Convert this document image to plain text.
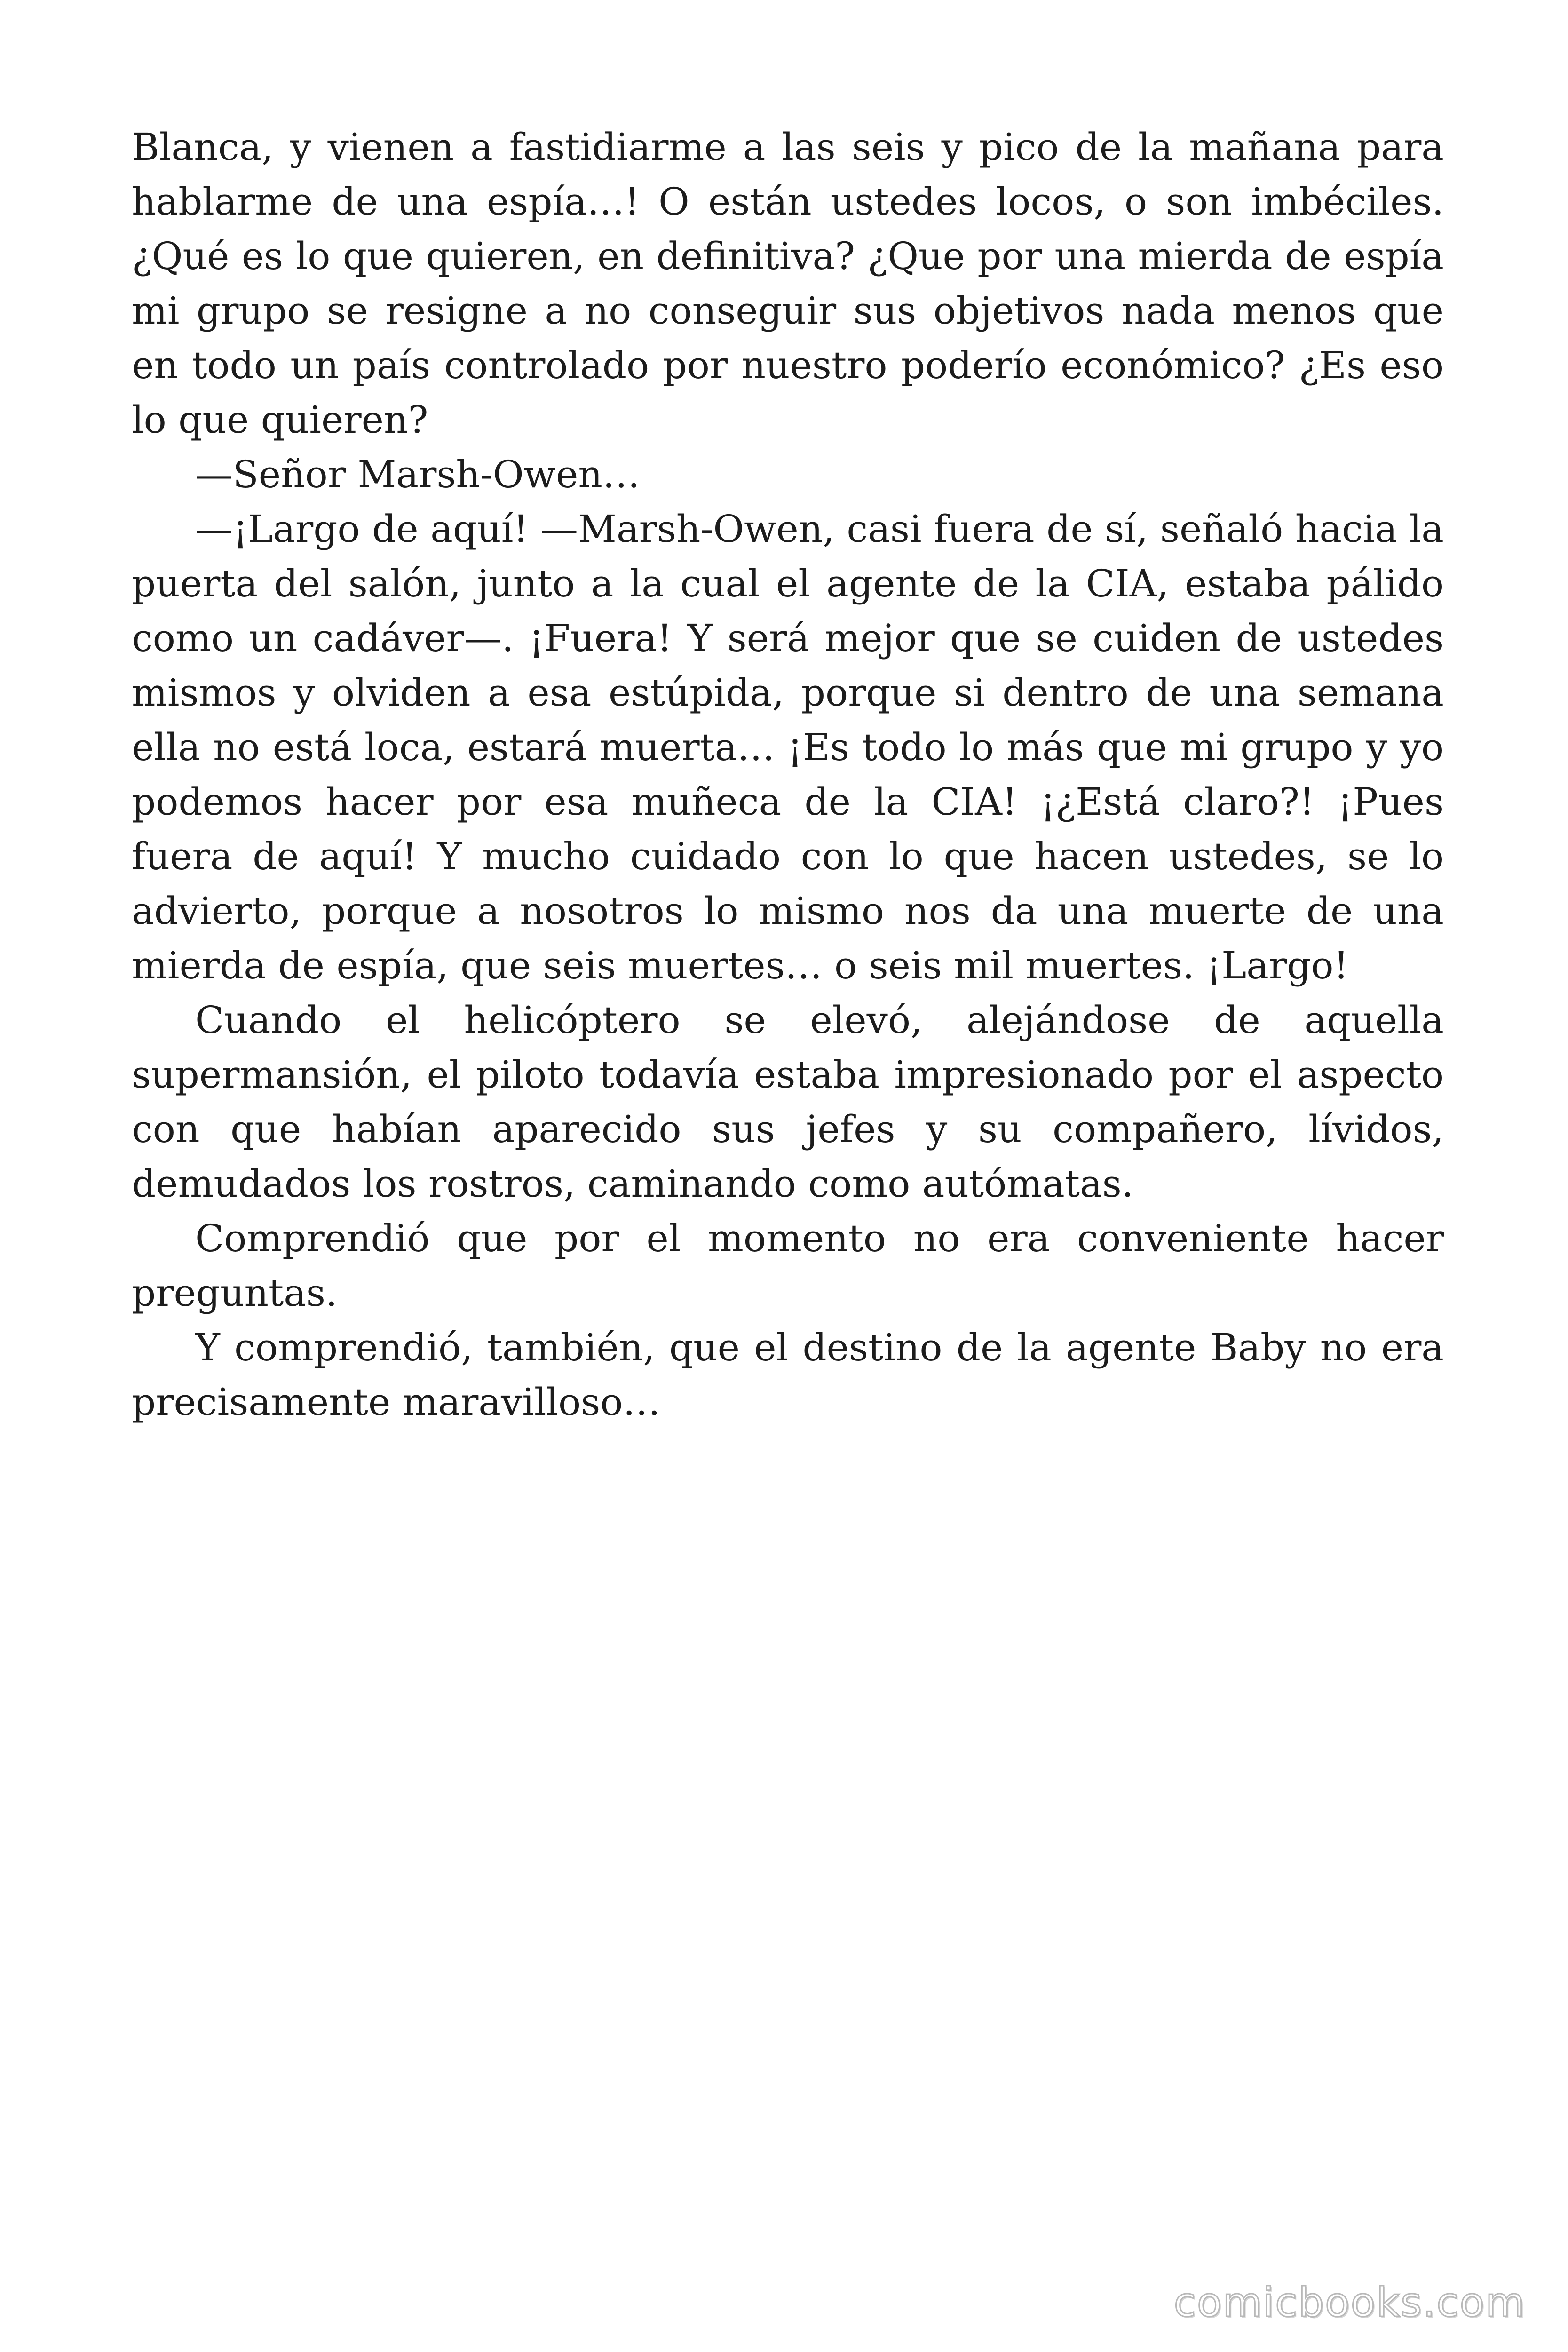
Blanca, y vienen a fastidiarme a las seis y pico de la mañana para hablarme de una espía…! O están ustedes locos, o son imbéciles. ¿Qué es lo que quieren, en definitiva? ¿Que por una mierda de espía mi grupo se resigne a no conseguir sus objetivos nada menos que en todo un país controlado por nuestro poderío económico? ¿Es eso lo que quieren?

—Señor Marsh-Owen…

—¡Largo de aquí! —Marsh-Owen, casi fuera de sí, señaló hacia la puerta del salón, junto a la cual el agente de la CIA, estaba pálido como un cadáver—. ¡Fuera! Y será mejor que se cuiden de ustedes mismos y olviden a esa estúpida, porque si dentro de una semana ella no está loca, estará muerta… ¡Es todo lo más que mi grupo y yo podemos hacer por esa muñeca de la CIA! ¡¿Está claro?! ¡Pues fuera de aquí! Y mucho cuidado con lo que hacen ustedes, se lo advierto, porque a nosotros lo mismo nos da una muerte de una mierda de espía, que seis muertes… o seis mil muertes. ¡Largo!

Cuando el helicóptero se elevó, alejándose de aquella supermansión, el piloto todavía estaba impresionado por el aspecto con que habían aparecido sus jefes y su compañero, lívidos, demudados los rostros, caminando como autómatas.

Comprendió que por el momento no era conveniente hacer preguntas.

Y comprendió, también, que el destino de la agente Baby no era precisamente maravilloso…

comicbooks.com
